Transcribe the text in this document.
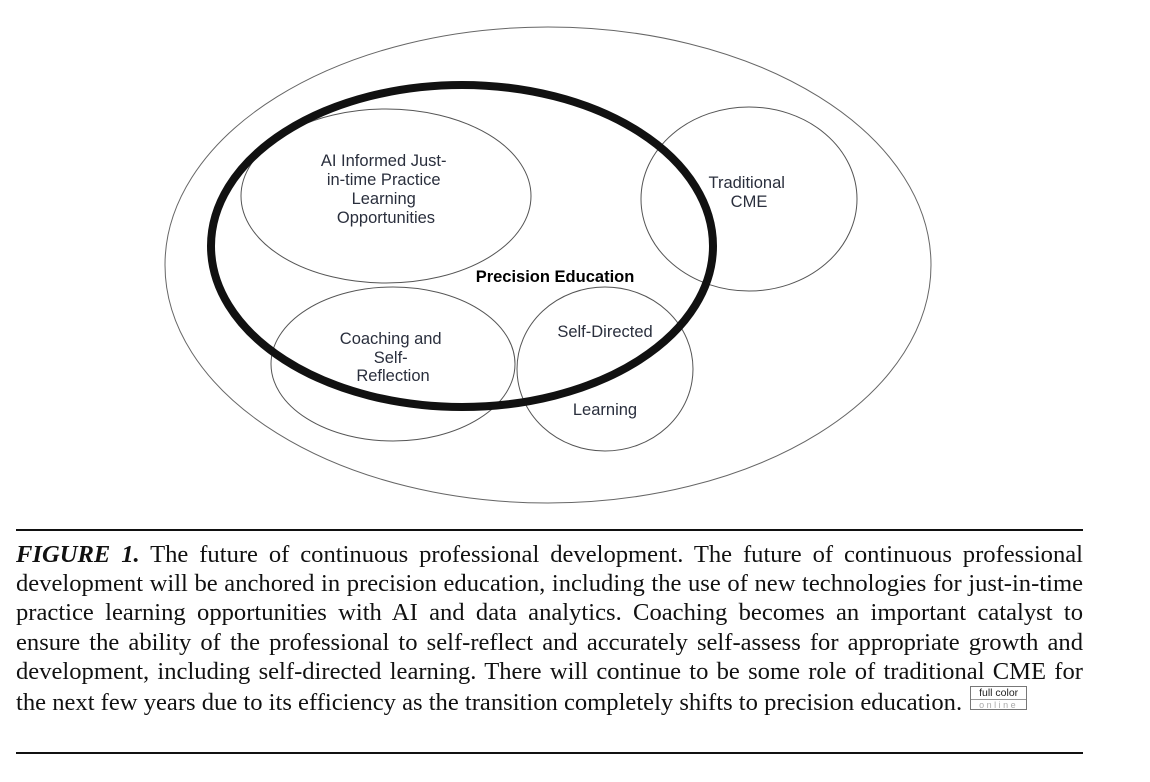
AI Informed Just- in-time Practice Learning Opportunities
Traditional CME
Precision Education
Coaching and Self- Reflection
Self-Directed
Learning

FIGURE 1. The future of continuous professional development. The future of continuous professional development will be anchored in precision education, including the use of new technologies for just-in-time practice learning opportunities with AI and data analytics. Coaching becomes an important catalyst to ensure the ability of the professional to self-reflect and accurately self-assess for appropriate growth and development, including self-directed learning. There will continue to be some role of traditional CME for the next few years due to its efficiency as the transition completely shifts to precision education.	full color
online
